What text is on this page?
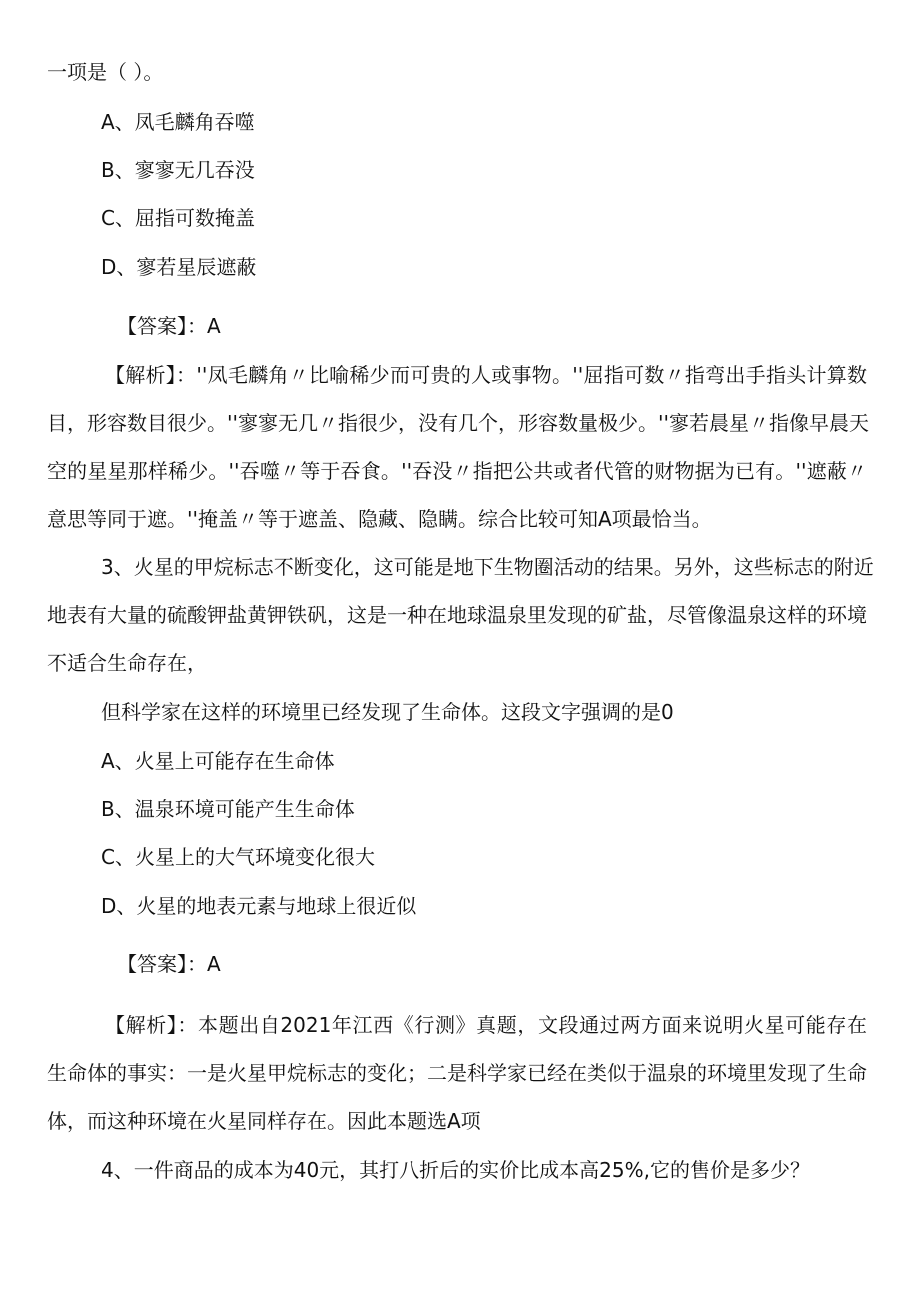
一项是（ ）。
A、凤毛麟角吞噬
B、寥寥无几吞没
C、屈指可数掩盖
D、寥若星辰遮蔽
【答案】：A
【解析】：''凤毛麟角〃比喻稀少而可贵的人或事物。''屈指可数〃指弯出手指头计算数
目，形容数目很少。''寥寥无几〃指很少，没有几个，形容数量极少。''寥若晨星〃指像早晨天
空的星星那样稀少。''吞噬〃等于吞食。''吞没〃指把公共或者代管的财物据为已有。''遮蔽〃
意思等同于遮。''掩盖〃等于遮盖、隐藏、隐瞒。综合比较可知A项最恰当。
3、火星的甲烷标志不断变化，这可能是地下生物圈活动的结果。另外，这些标志的附近
地表有大量的硫酸钾盐黄钾铁矾，这是一种在地球温泉里发现的矿盐，尽管像温泉这样的环境
不适合生命存在，
但科学家在这样的环境里已经发现了生命体。这段文字强调的是0
A、火星上可能存在生命体
B、温泉环境可能产生生命体
C、火星上的大气环境变化很大
D、火星的地表元素与地球上很近似
【答案】：A
【解析】：本题出自2021年江西《行测》真题，文段通过两方面来说明火星可能存在
生命体的事实：一是火星甲烷标志的变化；二是科学家已经在类似于温泉的环境里发现了生命
体，而这种环境在火星同样存在。因此本题选A项
4、一件商品的成本为40元，其打八折后的实价比成本高25%,它的售价是多少？
